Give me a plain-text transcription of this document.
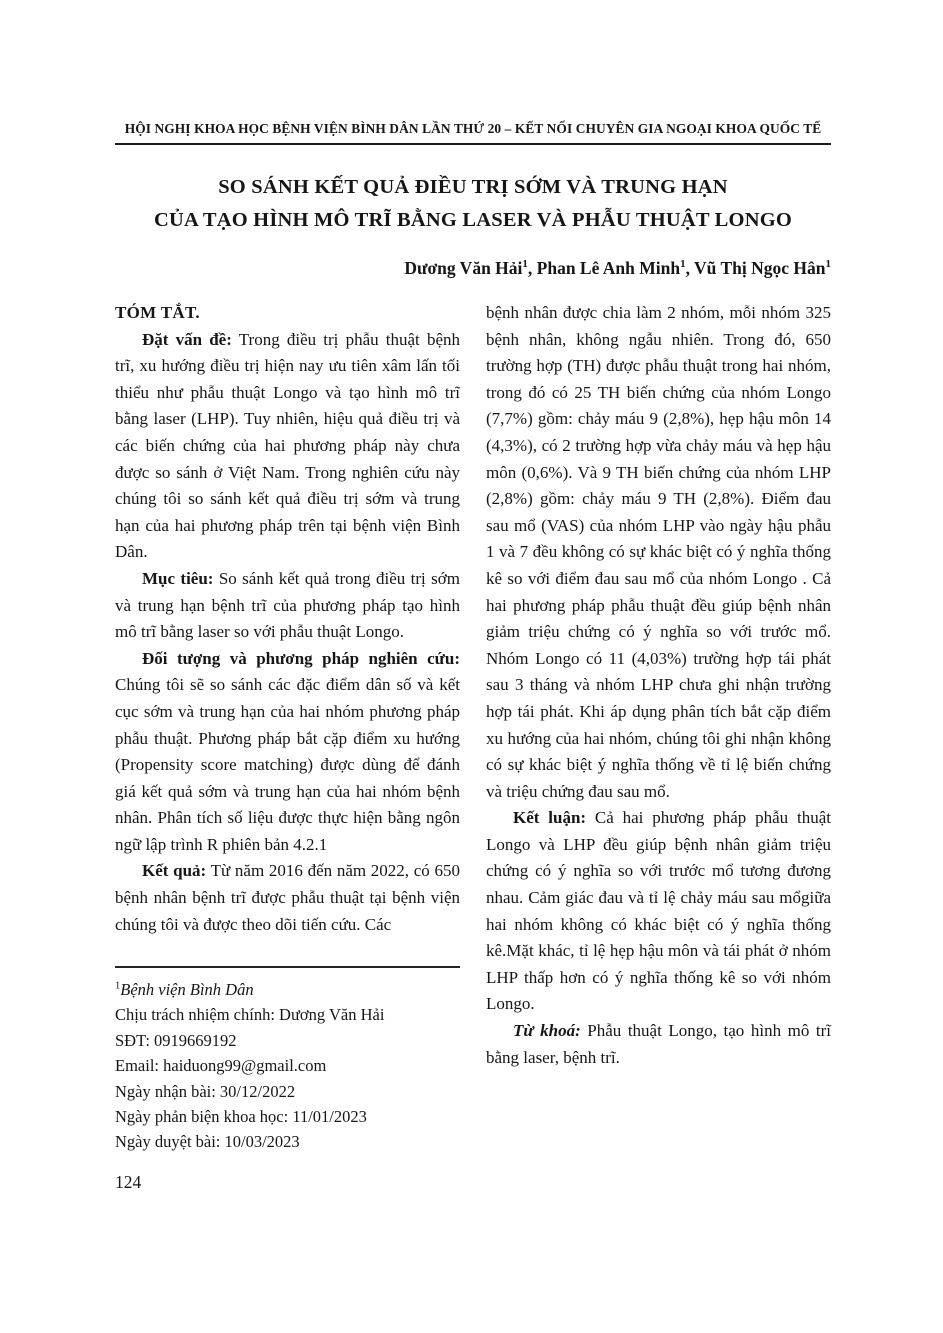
HỘI NGHỊ KHOA HỌC BỆNH VIỆN BÌNH DÂN LẦN THỨ 20 – KẾT NỐI CHUYÊN GIA NGOẠI KHOA QUỐC TẾ
SO SÁNH KẾT QUẢ ĐIỀU TRỊ SỚM VÀ TRUNG HẠN
CỦA TẠO HÌNH MÔ TRĨ BẰNG LASER VÀ PHẪU THUẬT LONGO
Dương Văn Hải$^1$, Phan Lê Anh Minh$^1$, Vũ Thị Ngọc Hân$^1$
TÓM TẮT.

Đặt vấn đề: Trong điều trị phẫu thuật bệnh trĩ, xu hướng điều trị hiện nay ưu tiên xâm lấn tối thiểu như phẫu thuật Longo và tạo hình mô trĩ bằng laser (LHP). Tuy nhiên, hiệu quả điều trị và các biến chứng của hai phương pháp này chưa được so sánh ở Việt Nam. Trong nghiên cứu này chúng tôi so sánh kết quả điều trị sớm và trung hạn của hai phương pháp trên tại bệnh viện Bình Dân.

Mục tiêu: So sánh kết quả trong điều trị sớm và trung hạn bệnh trĩ của phương pháp tạo hình mô trĩ bằng laser so với phẫu thuật Longo.

Đối tượng và phương pháp nghiên cứu: Chúng tôi sẽ so sánh các đặc điểm dân số và kết cục sớm và trung hạn của hai nhóm phương pháp phẫu thuật. Phương pháp bắt cặp điểm xu hướng (Propensity score matching) được dùng để đánh giá kết quả sớm và trung hạn của hai nhóm bệnh nhân. Phân tích số liệu được thực hiện bằng ngôn ngữ lập trình R phiên bản 4.2.1

Kết quả: Từ năm 2016 đến năm 2022, có 650 bệnh nhân bệnh trĩ được phẫu thuật tại bệnh viện chúng tôi và được theo dõi tiến cứu. Các

$^1$Bệnh viện Bình Dân
Chịu trách nhiệm chính: Dương Văn Hải
SĐT: 0919669192
Email: haiduong99@gmail.com
Ngày nhận bài: 30/12/2022
Ngày phản biện khoa học: 11/01/2023
Ngày duyệt bài: 10/03/2023

bệnh nhân được chia làm 2 nhóm, mỗi nhóm 325 bệnh nhân, không ngẫu nhiên. Trong đó, 650 trường hợp (TH) được phẫu thuật trong hai nhóm, trong đó có 25 TH biến chứng của nhóm Longo (7,7%) gồm: chảy máu 9 (2,8%), hẹp hậu môn 14 (4,3%), có 2 trường hợp vừa chảy máu và hẹp hậu môn (0,6%). Và 9 TH biến chứng của nhóm LHP (2,8%) gồm: chảy máu 9 TH (2,8%). Điểm đau sau mổ (VAS) của nhóm LHP vào ngày hậu phẫu 1 và 7 đều không có sự khác biệt có ý nghĩa thống kê so với điểm đau sau mổ của nhóm Longo . Cả hai phương pháp phẫu thuật đều giúp bệnh nhân giảm triệu chứng có ý nghĩa so với trước mổ. Nhóm Longo có 11 (4,03%) trường hợp tái phát sau 3 tháng và nhóm LHP chưa ghi nhận trường hợp tái phát. Khi áp dụng phân tích bắt cặp điểm xu hướng của hai nhóm, chúng tôi ghi nhận không có sự khác biệt ý nghĩa thống về tỉ lệ biến chứng và triệu chứng đau sau mổ.

Kết luận: Cả hai phương pháp phẫu thuật Longo và LHP đều giúp bệnh nhân giảm triệu chứng có ý nghĩa so với trước mổ tương đương nhau. Cảm giác đau và tỉ lệ chảy máu sau mổgiữa hai nhóm không có khác biệt có ý nghĩa thống kê.Mặt khác, tỉ lệ hẹp hậu môn và tái phát ở nhóm LHP thấp hơn có ý nghĩa thống kê so với nhóm Longo.

Từ khoá: Phẫu thuật Longo, tạo hình mô trĩ bằng laser, bệnh trĩ.

124
